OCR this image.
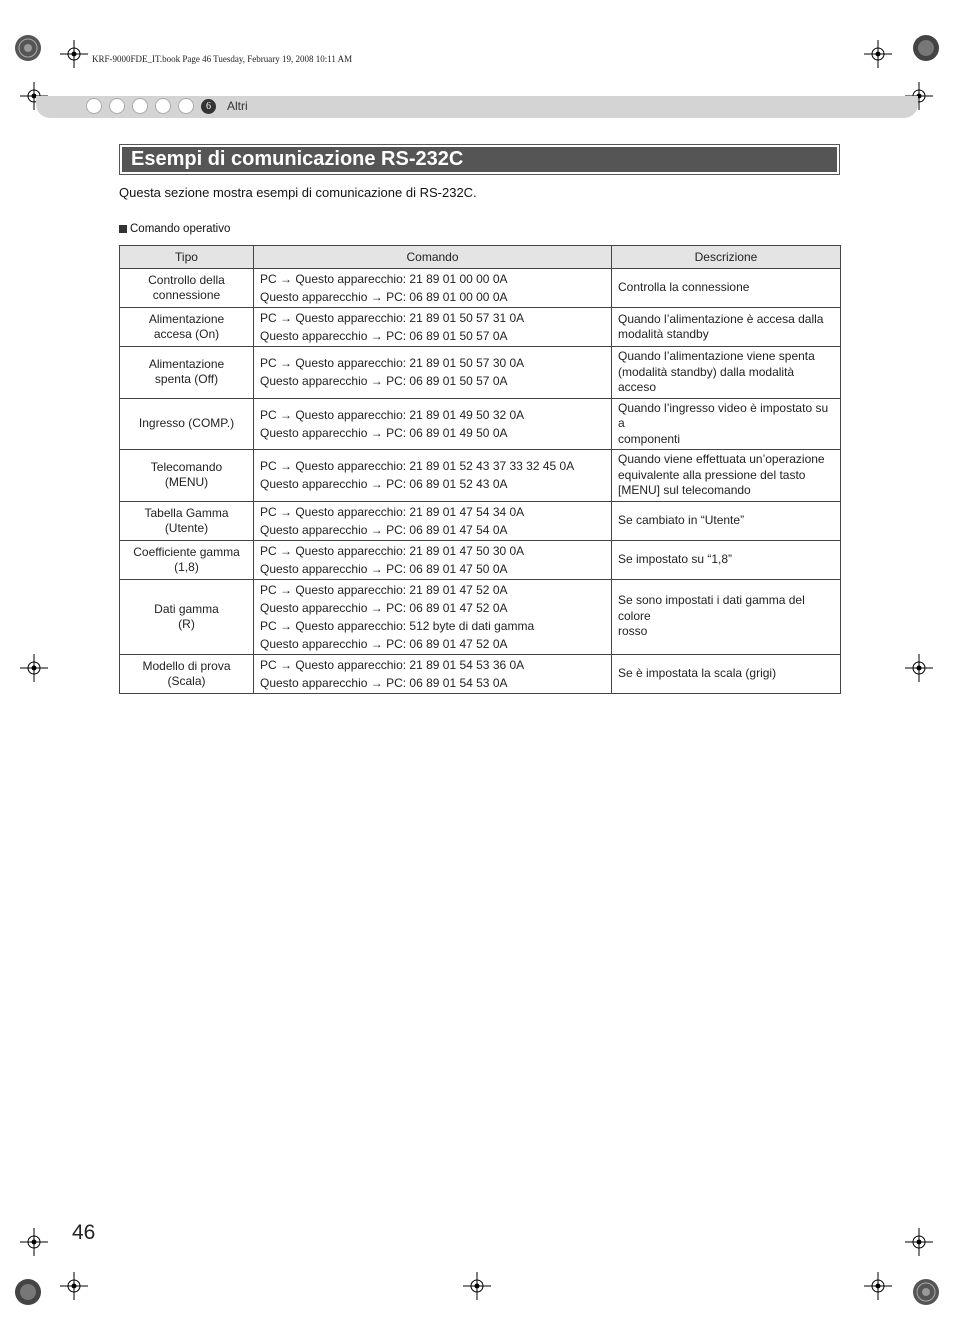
KRF-9000FDE_IT.book Page 46 Tuesday, February 19, 2008 10:11 AM
6	Altri
Esempi di comunicazione RS-232C
Questa sezione mostra esempi di comunicazione di RS-232C.
Comando operativo
Tipo	Comando	Descrizione

Controllo della
connessione	PC → Questo apparecchio: 21 89 01 00 00 0A
Questo apparecchio → PC: 06 89 01 00 00 0A	Controlla la connessione

Alimentazione
accesa (On)	PC → Questo apparecchio: 21 89 01 50 57 31 0A
Questo apparecchio → PC: 06 89 01 50 57 0A	Quando l’alimentazione è accesa dalla
modalità standby

Alimentazione
spenta (Off)	PC → Questo apparecchio: 21 89 01 50 57 30 0A
Questo apparecchio → PC: 06 89 01 50 57 0A	Quando l’alimentazione viene spenta
(modalità standby) dalla modalità acceso

Ingresso (COMP.)	PC → Questo apparecchio: 21 89 01 49 50 32 0A
Questo apparecchio → PC: 06 89 01 49 50 0A	Quando l’ingresso video è impostato su a
componenti

Telecomando
(MENU)	PC → Questo apparecchio: 21 89 01 52 43 37 33 32 45 0A
Questo apparecchio → PC: 06 89 01 52 43 0A	Quando viene effettuata un’operazione
equivalente alla pressione del tasto
[MENU] sul telecomando

Tabella Gamma
(Utente)	PC → Questo apparecchio: 21 89 01 47 54 34 0A
Questo apparecchio → PC: 06 89 01 47 54 0A	Se cambiato in “Utente”

Coefficiente gamma
(1,8)	PC → Questo apparecchio: 21 89 01 47 50 30 0A
Questo apparecchio → PC: 06 89 01 47 50 0A	Se impostato su “1,8”

Dati gamma
(R)	PC → Questo apparecchio: 21 89 01 47 52 0A
Questo apparecchio → PC: 06 89 01 47 52 0A
PC → Questo apparecchio: 512 byte di dati gamma
Questo apparecchio → PC: 06 89 01 47 52 0A	Se sono impostati i dati gamma del colore
rosso

Modello di prova
(Scala)	PC → Questo apparecchio: 21 89 01 54 53 36 0A
Questo apparecchio → PC: 06 89 01 54 53 0A	Se è impostata la scala (grigi)
46
